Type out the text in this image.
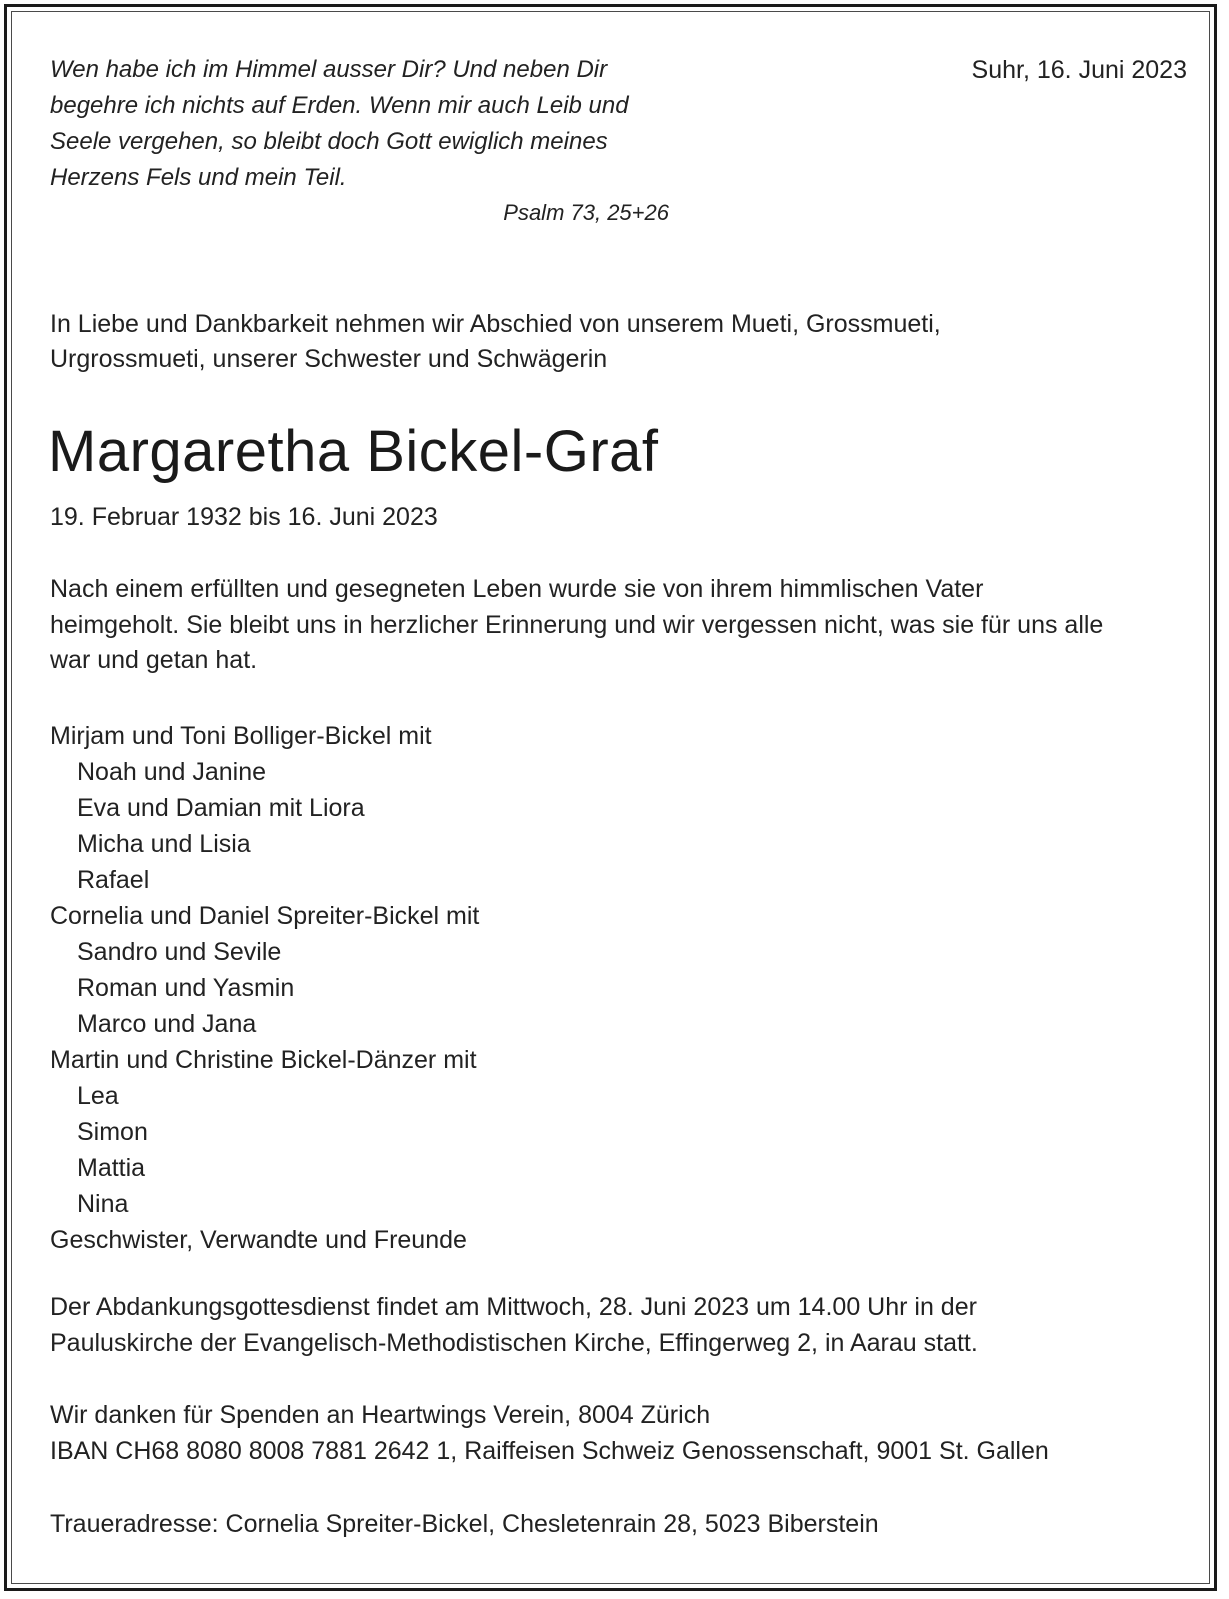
Wen habe ich im Himmel ausser Dir? Und neben Dir
begehre ich nichts auf Erden. Wenn mir auch Leib und
Seele vergehen, so bleibt doch Gott ewiglich meines
Herzens Fels und mein Teil.
Psalm 73, 25+26
Suhr, 16. Juni 2023
In Liebe und Dankbarkeit nehmen wir Abschied von unserem Mueti, Grossmueti,
Urgrossmueti, unserer Schwester und Schwägerin
Margaretha Bickel-Graf
19. Februar 1932 bis 16. Juni 2023
Nach einem erfüllten und gesegneten Leben wurde sie von ihrem himmlischen Vater
heimgeholt. Sie bleibt uns in herzlicher Erinnerung und wir vergessen nicht, was sie für uns alle
war und getan hat.
Mirjam und Toni Bolliger-Bickel mit
Noah und Janine
Eva und Damian mit Liora
Micha und Lisia
Rafael
Cornelia und Daniel Spreiter-Bickel mit
Sandro und Sevile
Roman und Yasmin
Marco und Jana
Martin und Christine Bickel-Dänzer mit
Lea
Simon
Mattia
Nina
Geschwister, Verwandte und Freunde
Der Abdankungsgottesdienst findet am Mittwoch, 28. Juni 2023 um 14.00 Uhr in der
Pauluskirche der Evangelisch-Methodistischen Kirche, Effingerweg 2, in Aarau statt.
Wir danken für Spenden an Heartwings Verein, 8004 Zürich
IBAN CH68 8080 8008 7881 2642 1, Raiffeisen Schweiz Genossenschaft, 9001 St. Gallen
Traueradresse: Cornelia Spreiter-Bickel, Chesletenrain 28, 5023 Biberstein
